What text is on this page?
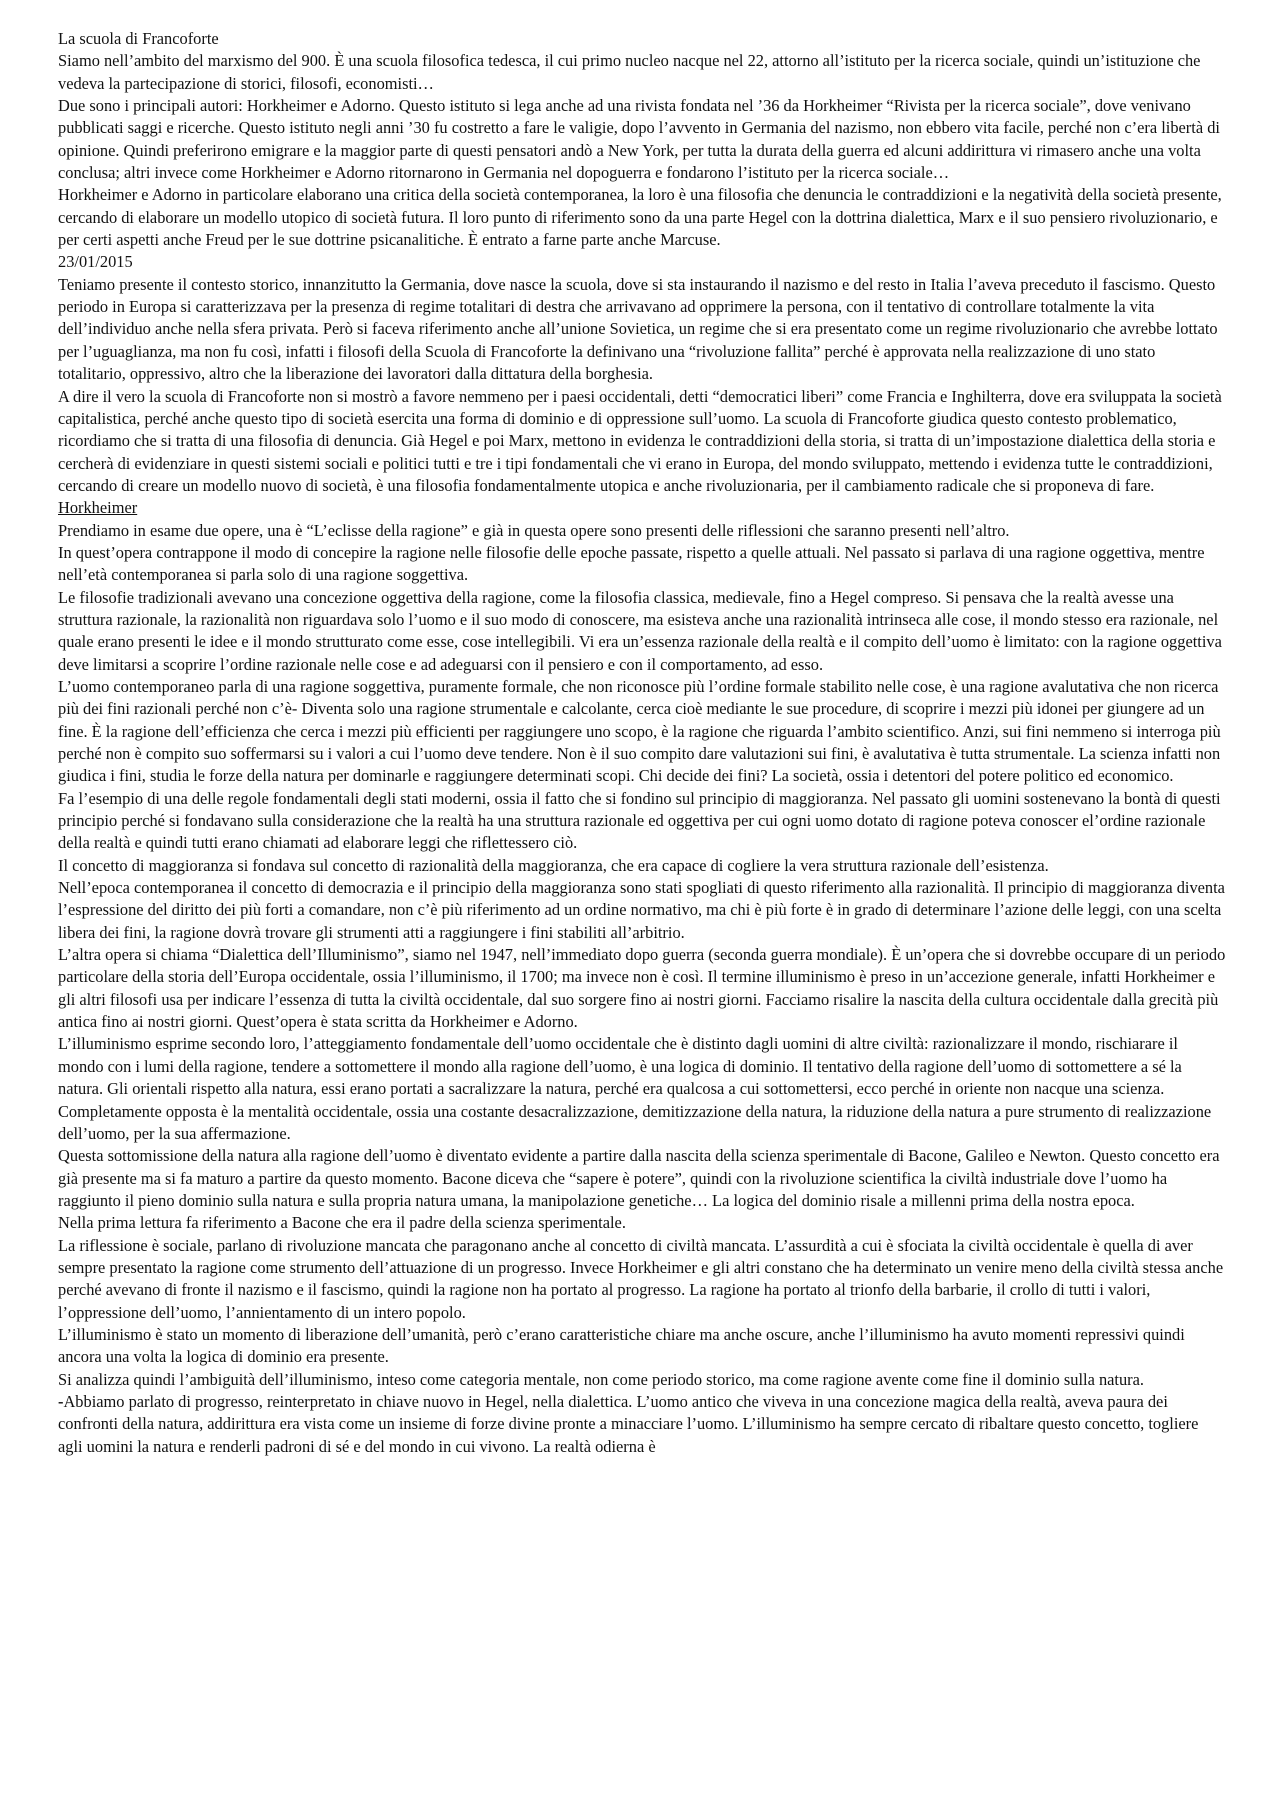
La scuola di Francoforte

Siamo nell’ambito del marxismo del 900. È una scuola filosofica tedesca, il cui primo nucleo nacque nel 22, attorno all’istituto per la ricerca sociale, quindi un’istituzione che vedeva la partecipazione di storici, filosofi, economisti…

Due sono i principali autori: Horkheimer e Adorno. Questo istituto si lega anche ad una rivista fondata nel ’36 da Horkheimer “Rivista per la ricerca sociale”, dove venivano pubblicati saggi e ricerche. Questo istituto negli anni ’30 fu costretto a fare le valigie, dopo l’avvento in Germania del nazismo, non ebbero vita facile, perché non c’era libertà di opinione. Quindi preferirono emigrare e la maggior parte di questi pensatori andò a New York, per tutta la durata della guerra ed alcuni addirittura vi rimasero anche una volta conclusa; altri invece come Horkheimer e Adorno ritornarono in Germania nel dopoguerra e fondarono l’istituto per la ricerca sociale…

Horkheimer e Adorno in particolare elaborano una critica della società contemporanea, la loro è una filosofia che denuncia le contraddizioni e la negatività della società presente, cercando di elaborare un modello utopico di società futura. Il loro punto di riferimento sono da una parte Hegel con la dottrina dialettica, Marx e il suo pensiero rivoluzionario, e per certi aspetti anche Freud per le sue dottrine psicanalitiche. È entrato a farne parte anche Marcuse.

23/01/2015

Teniamo presente il contesto storico, innanzitutto la Germania, dove nasce la scuola, dove si sta instaurando il nazismo e del resto in Italia l’aveva preceduto il fascismo. Questo periodo in Europa si caratterizzava per la presenza di regime totalitari di destra che arrivavano ad opprimere la persona, con il tentativo di controllare totalmente la vita dell’individuo anche nella sfera privata. Però si faceva riferimento anche all’unione Sovietica, un regime che si era presentato come un regime rivoluzionario che avrebbe lottato per l’uguaglianza, ma non fu così, infatti i filosofi della Scuola di Francoforte la definivano una “rivoluzione fallita” perché è approvata nella realizzazione di uno stato totalitario, oppressivo, altro che la liberazione dei lavoratori dalla dittatura della borghesia.

A dire il vero la scuola di Francoforte non si mostrò a favore nemmeno per i paesi occidentali, detti “democratici liberi” come Francia e Inghilterra, dove era sviluppata la società capitalistica, perché anche questo tipo di società esercita una forma di dominio e di oppressione sull’uomo. La scuola di Francoforte giudica questo contesto problematico, ricordiamo che si tratta di una filosofia di denuncia. Già Hegel e poi Marx, mettono in evidenza le contraddizioni della storia, si tratta di un’impostazione dialettica della storia e cercherà di evidenziare in questi sistemi sociali e politici tutti e tre i tipi fondamentali che vi erano in Europa, del mondo sviluppato, mettendo i evidenza tutte le contraddizioni, cercando di creare un modello nuovo di società, è una filosofia fondamentalmente utopica e anche rivoluzionaria, per il cambiamento radicale che si proponeva di fare.

Horkheimer

Prendiamo in esame due opere, una è “L’eclisse della ragione” e già in questa opere sono presenti delle riflessioni che saranno presenti nell’altro.

In quest’opera contrappone il modo di concepire la ragione nelle filosofie delle epoche passate, rispetto a quelle attuali. Nel passato si parlava di una ragione oggettiva, mentre nell’età contemporanea si parla solo di una ragione soggettiva.

Le filosofie tradizionali avevano una concezione oggettiva della ragione, come la filosofia classica, medievale, fino a Hegel compreso. Si pensava che la realtà avesse una struttura razionale, la razionalità non riguardava solo l’uomo e il suo modo di conoscere, ma esisteva anche una razionalità intrinseca alle cose, il mondo stesso era razionale, nel quale erano presenti le idee e il mondo strutturato come esse, cose intellegibili. Vi era un’essenza razionale della realtà e il compito dell’uomo è limitato: con la ragione oggettiva deve limitarsi a scoprire l’ordine razionale nelle cose e ad adeguarsi con il pensiero e con il comportamento, ad esso.

L’uomo contemporaneo parla di una ragione soggettiva, puramente formale, che non riconosce più l’ordine formale stabilito nelle cose, è una ragione avalutativa che non ricerca più dei fini razionali perché non c’è- Diventa solo una ragione strumentale e calcolante, cerca cioè mediante le sue procedure, di scoprire i mezzi più idonei per giungere ad un fine. È la ragione dell’efficienza che cerca i mezzi più efficienti per raggiungere uno scopo, è la ragione che riguarda l’ambito scientifico. Anzi, sui fini nemmeno si interroga più perché non è compito suo soffermarsi su i valori a cui l’uomo deve tendere. Non è il suo compito dare valutazioni sui fini, è avalutativa è tutta strumentale. La scienza infatti non giudica i fini, studia le forze della natura per dominarle e raggiungere determinati scopi. Chi decide dei fini? La società, ossia i detentori del potere politico ed economico.

Fa l’esempio di una delle regole fondamentali degli stati moderni, ossia il fatto che si fondino sul principio di maggioranza. Nel passato gli uomini sostenevano la bontà di questi principio perché si fondavano sulla considerazione che la realtà ha una struttura razionale ed oggettiva per cui ogni uomo dotato di ragione poteva conoscer el’ordine razionale della realtà e quindi tutti erano chiamati ad elaborare leggi che riflettessero ciò.

Il concetto di maggioranza si fondava sul concetto di razionalità della maggioranza, che era capace di cogliere la vera struttura razionale dell’esistenza.

Nell’epoca contemporanea il concetto di democrazia e il principio della maggioranza sono stati spogliati di questo riferimento alla razionalità. Il principio di maggioranza diventa l’espressione del diritto dei più forti a comandare, non c’è più riferimento ad un ordine normativo, ma chi è più forte è in grado di determinare l’azione delle leggi, con una scelta libera dei fini, la ragione dovrà trovare gli strumenti atti a raggiungere i fini stabiliti all’arbitrio.

L’altra opera si chiama “Dialettica dell’Illuminismo”, siamo nel 1947, nell’immediato dopo guerra (seconda guerra mondiale). È un’opera che si dovrebbe occupare di un periodo particolare della storia dell’Europa occidentale, ossia l’illuminismo, il 1700; ma invece non è così. Il termine illuminismo è preso in un’accezione generale, infatti Horkheimer e gli altri filosofi usa per indicare l’essenza di tutta la civiltà occidentale, dal suo sorgere fino ai nostri giorni. Facciamo risalire la nascita della cultura occidentale dalla grecità più antica fino ai nostri giorni. Quest’opera è stata scritta da Horkheimer e Adorno.

L’illuminismo esprime secondo loro, l’atteggiamento fondamentale dell’uomo occidentale che è distinto dagli uomini di altre civiltà: razionalizzare il mondo, rischiarare il mondo con i lumi della ragione, tendere a sottomettere il mondo alla ragione dell’uomo, è una logica di dominio. Il tentativo della ragione dell’uomo di sottomettere a sé la natura. Gli orientali rispetto alla natura, essi erano portati a sacralizzare la natura, perché era qualcosa a cui sottomettersi, ecco perché in oriente non nacque una scienza. Completamente opposta è la mentalità occidentale, ossia una costante desacralizzazione, demitizzazione della natura, la riduzione della natura a pure strumento di realizzazione dell’uomo, per la sua affermazione.

Questa sottomissione della natura alla ragione dell’uomo è diventato evidente a partire dalla nascita della scienza sperimentale di Bacone, Galileo e Newton. Questo concetto era già presente ma si fa maturo a partire da questo momento. Bacone diceva che “sapere è potere”, quindi con la rivoluzione scientifica la civiltà industriale dove l’uomo ha raggiunto il pieno dominio sulla natura e sulla propria natura umana, la manipolazione genetiche… La logica del dominio risale a millenni prima della nostra epoca.

Nella prima lettura fa riferimento a Bacone che era il padre della scienza sperimentale.

La riflessione è sociale, parlano di rivoluzione mancata che paragonano anche al concetto di civiltà mancata. L’assurdità a cui è sfociata la civiltà occidentale è quella di aver sempre presentato la ragione come strumento dell’attuazione di un progresso. Invece Horkheimer e gli altri constano che ha determinato un venire meno della civiltà stessa anche perché avevano di fronte il nazismo e il fascismo, quindi la ragione non ha portato al progresso. La ragione ha portato al trionfo della barbarie, il crollo di tutti i valori, l’oppressione dell’uomo, l’annientamento di un intero popolo.

L’illuminismo è stato un momento di liberazione dell’umanità, però c’erano caratteristiche chiare ma anche oscure, anche l’illuminismo ha avuto momenti repressivi quindi ancora una volta la logica di dominio era presente.

Si analizza quindi l’ambiguità dell’illuminismo, inteso come categoria mentale, non come periodo storico, ma come ragione avente come fine il dominio sulla natura.

-Abbiamo parlato di progresso, reinterpretato in chiave nuovo in Hegel, nella dialettica. L’uomo antico che viveva in una concezione magica della realtà, aveva paura dei confronti della natura, addirittura era vista come un insieme di forze divine pronte a minacciare l’uomo. L’illuminismo ha sempre cercato di ribaltare questo concetto, togliere agli uomini la natura e renderli padroni di sé e del mondo in cui vivono. La realtà odierna è
